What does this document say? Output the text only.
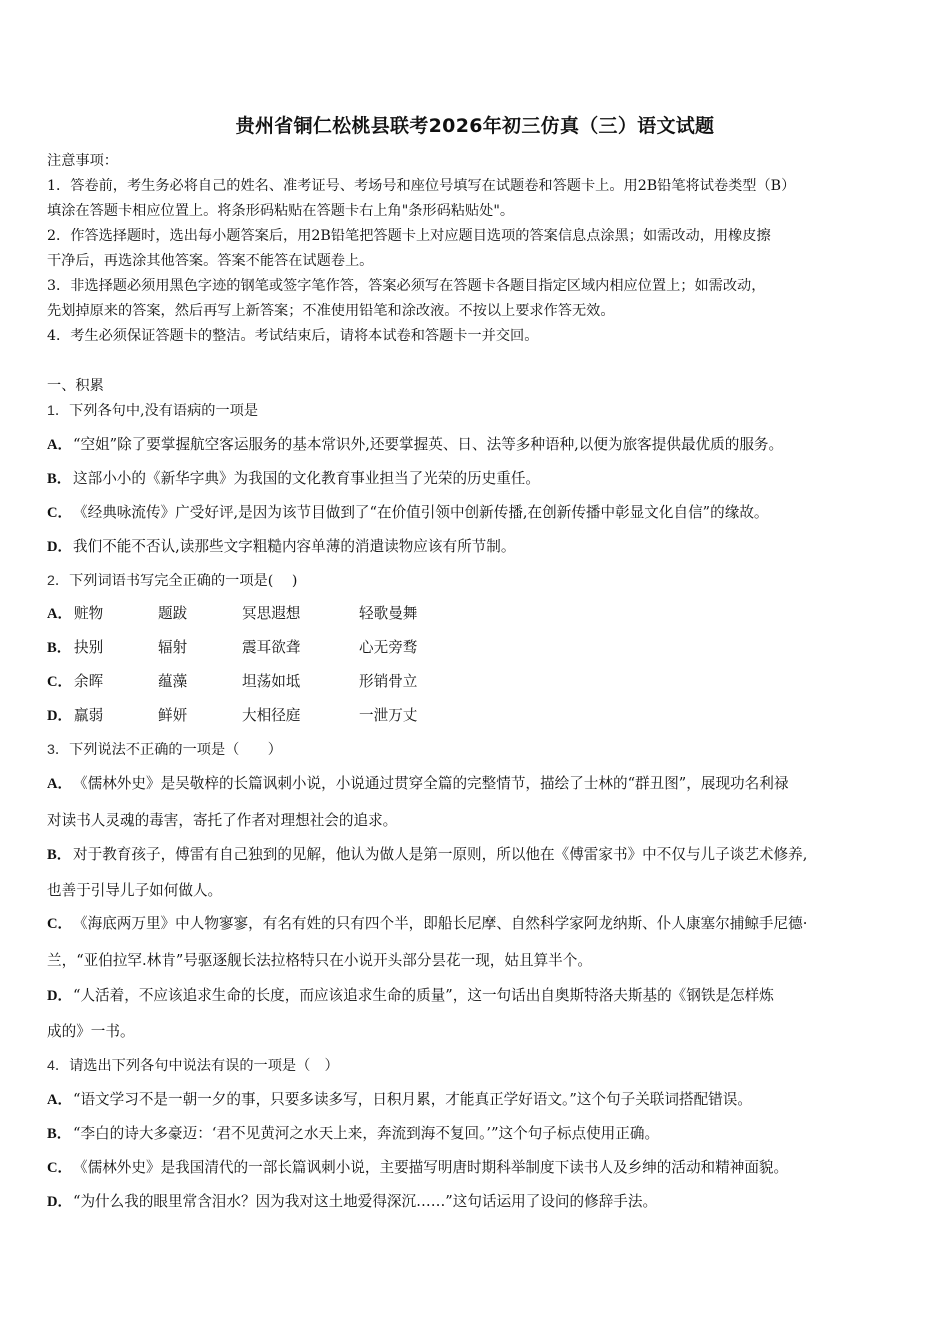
贵州省铜仁松桃县联考2026年初三仿真（三）语文试题
注意事项：
1．答卷前，考生务必将自己的姓名、准考证号、考场号和座位号填写在试题卷和答题卡上。用2B铅笔将试卷类型（B）
填涂在答题卡相应位置上。将条形码粘贴在答题卡右上角"条形码粘贴处"。
2．作答选择题时，选出每小题答案后，用2B铅笔把答题卡上对应题目选项的答案信息点涂黑；如需改动，用橡皮擦
干净后，再选涂其他答案。答案不能答在试题卷上。
3．非选择题必须用黑色字迹的钢笔或签字笔作答，答案必须写在答题卡各题目指定区域内相应位置上；如需改动，
先划掉原来的答案，然后再写上新答案；不准使用铅笔和涂改液。不按以上要求作答无效。
4．考生必须保证答题卡的整洁。考试结束后，请将本试卷和答题卡一并交回。
一、积累
1．下列各句中,没有语病的一项是
A．“空姐”除了要掌握航空客运服务的基本常识外,还要掌握英、日、法等多种语种,以便为旅客提供最优质的服务。
B． 这部小小的《新华字典》为我国的文化教育事业担当了光荣的历史重任。
C．《经典咏流传》广受好评,是因为该节目做到了“在价值引领中创新传播,在创新传播中彰显文化自信”的缘故。
D．我们不能不否认,读那些文字粗糙内容单薄的消遣读物应该有所节制。
2．下列词语书写完全正确的一项是(　 )
A． 赃物	题跋	冥思遐想	轻歌曼舞
B． 抉别	辐射	震耳欲聋	心无旁骛
C． 余晖	蕴藻	坦荡如坻	形销骨立
D． 羸弱	鲜妍	大相径庭	一泄万丈
3．下列说法不正确的一项是（　　）
A．《儒林外史》是吴敬梓的长篇讽刺小说，小说通过贯穿全篇的完整情节，描绘了士林的“群丑图”，展现功名利禄
对读书人灵魂的毒害，寄托了作者对理想社会的追求。
B． 对于教育孩子，傅雷有自己独到的见解，他认为做人是第一原则，所以他在《傅雷家书》中不仅与儿子谈艺术修养,
也善于引导儿子如何做人。
C．《海底两万里》中人物寥寥，有名有姓的只有四个半，即船长尼摩、自然科学家阿龙纳斯、仆人康塞尔捕鲸手尼德·
兰，“亚伯拉罕.林肯”号驱逐舰长法拉格特只在小说开头部分昙花一现，姑且算半个。
D．“人活着，不应该追求生命的长度，而应该追求生命的质量”，这一句话出自奥斯特洛夫斯基的《钢铁是怎样炼
成的》一书。
4．请选出下列各句中说法有误的一项是（　）
A．“语文学习不是一朝一夕的事，只要多读多写，日积月累，才能真正学好语文。”这个句子关联词搭配错误。
B． “李白的诗大多豪迈：‘君不见黄河之水天上来，奔流到海不复回。’”这个句子标点使用正确。
C．《儒林外史》是我国清代的一部长篇讽刺小说，主要描写明唐时期科举制度下读书人及乡绅的活动和精神面貌。
D．“为什么我的眼里常含泪水？因为我对这土地爱得深沉……”这句话运用了设问的修辞手法。
